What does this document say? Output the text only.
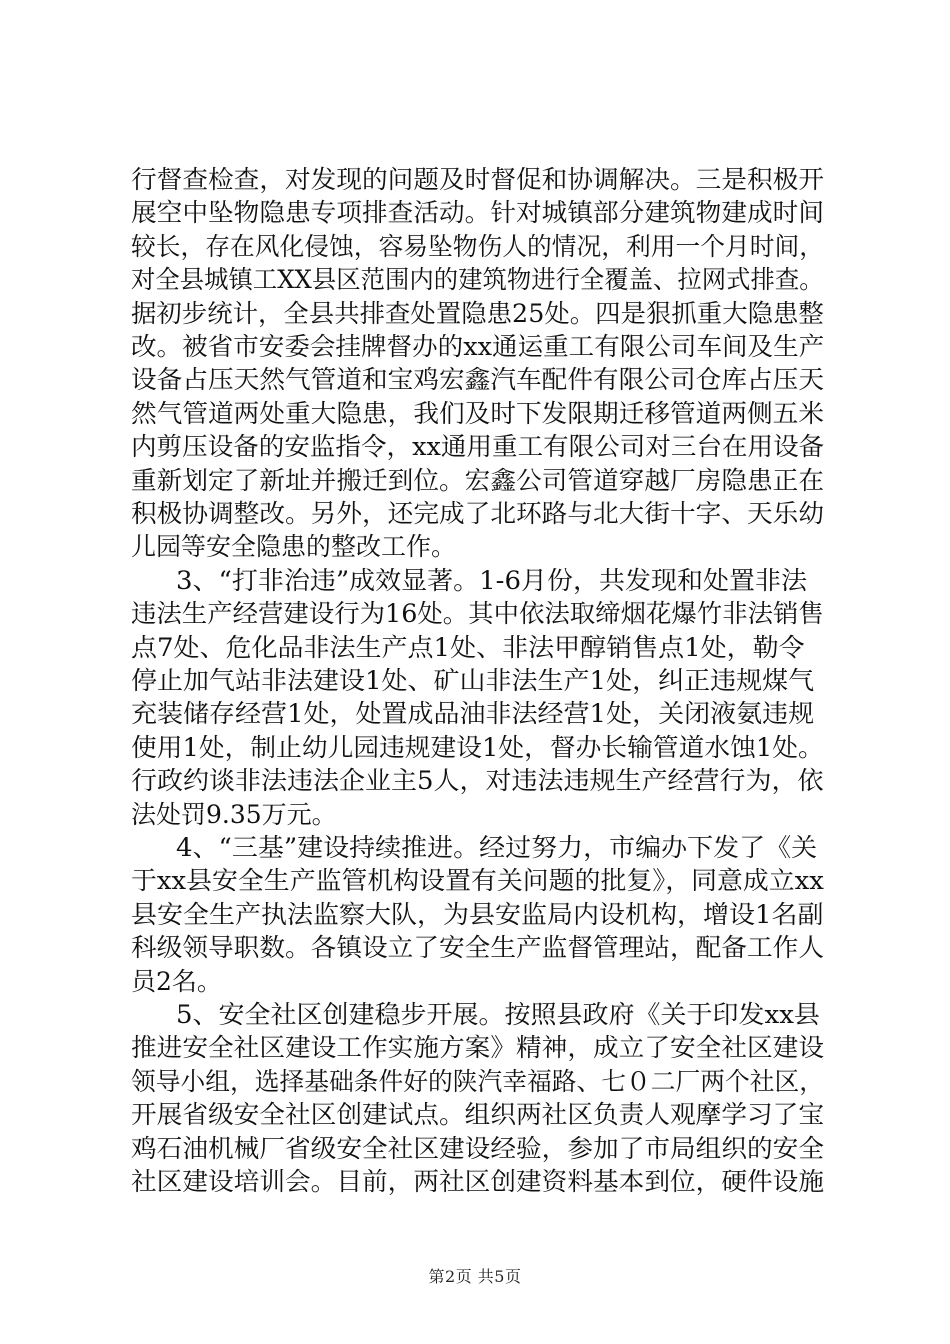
行督查检查，对发现的问题及时督促和协调解决。三是积极开

展空中坠物隐患专项排查活动。针对城镇部分建筑物建成时间

较长，存在风化侵蚀，容易坠物伤人的情况，利用一个月时间，

对全县城镇工XX县区范围内的建筑物进行全覆盖、拉网式排查。

据初步统计，全县共排查处置隐患25处。四是狠抓重大隐患整

改。被省市安委会挂牌督办的xx通运重工有限公司车间及生产

设备占压天然气管道和宝鸡宏鑫汽车配件有限公司仓库占压天

然气管道两处重大隐患，我们及时下发限期迁移管道两侧五米

内剪压设备的安监指令，xx通用重工有限公司对三台在用设备

重新划定了新址并搬迁到位。宏鑫公司管道穿越厂房隐患正在

积极协调整改。另外，还完成了北环路与北大街十字、天乐幼

儿园等安全隐患的整改工作。

3、“打非治违”成效显著。1-6月份，共发现和处置非法

违法生产经营建设行为16处。其中依法取缔烟花爆竹非法销售

点7处、危化品非法生产点1处、非法甲醇销售点1处，勒令

停止加气站非法建设1处、矿山非法生产1处，纠正违规煤气

充装储存经营1处，处置成品油非法经营1处，关闭液氨违规

使用1处，制止幼儿园违规建设1处，督办长输管道水蚀1处。

行政约谈非法违法企业主5人，对违法违规生产经营行为，依

法处罚9.35万元。

4、“三基”建设持续推进。经过努力，市编办下发了《关

于xx县安全生产监管机构设置有关问题的批复》，同意成立xx

县安全生产执法监察大队，为县安监局内设机构，增设1名副

科级领导职数。各镇设立了安全生产监督管理站，配备工作人

员2名。

5、安全社区创建稳步开展。按照县政府《关于印发xx县

推进安全社区建设工作实施方案》精神，成立了安全社区建设

领导小组，选择基础条件好的陕汽幸福路、七０二厂两个社区，

开展省级安全社区创建试点。组织两社区负责人观摩学习了宝

鸡石油机械厂省级安全社区建设经验，参加了市局组织的安全

社区建设培训会。目前，两社区创建资料基本到位，硬件设施

第2页 共5页
